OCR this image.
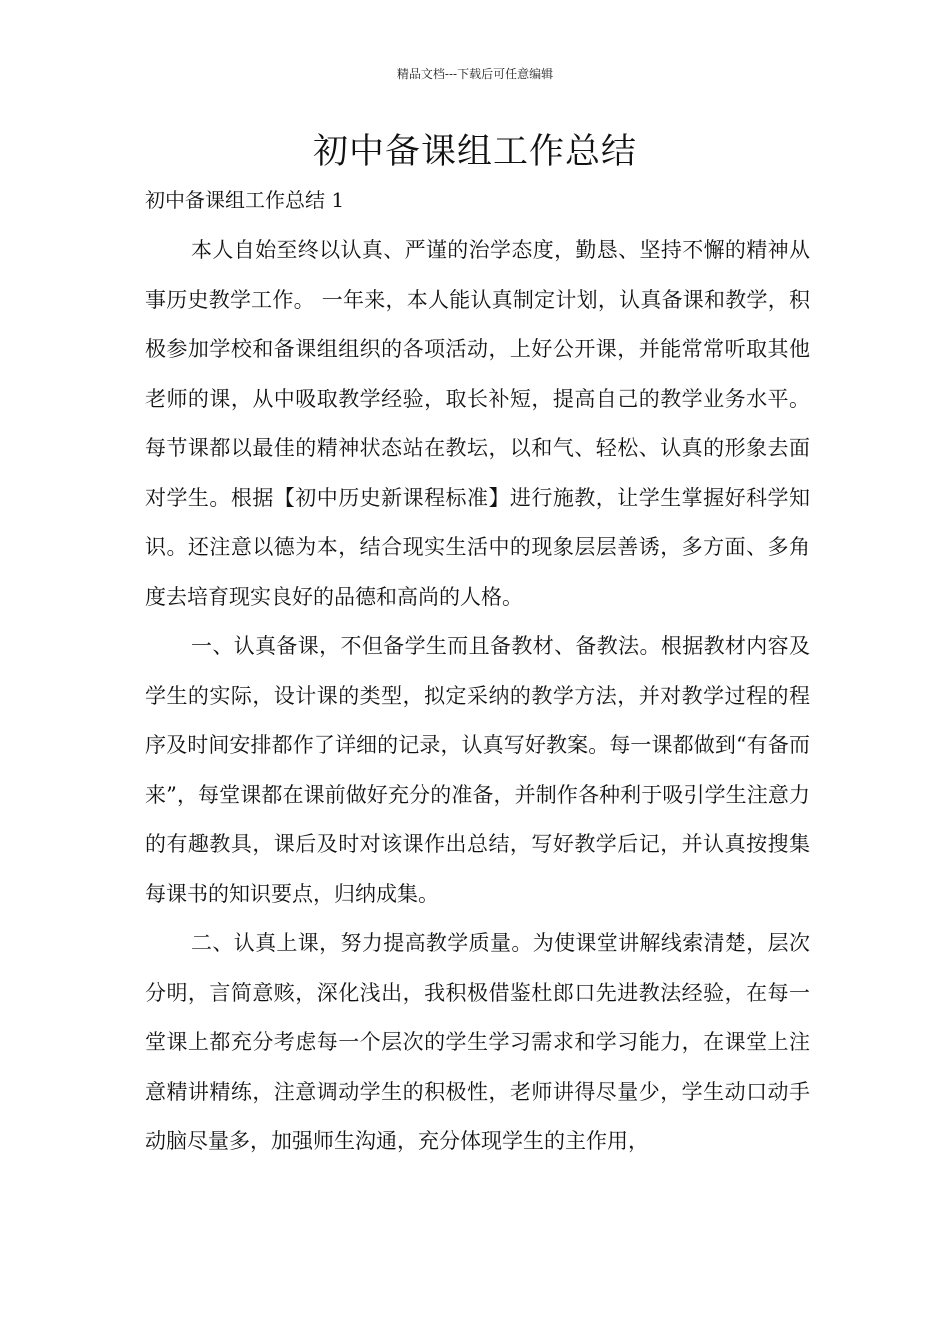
精品文档---下载后可任意编辑
初中备课组工作总结
初中备课组工作总结 1

本人自始至终以认真、严谨的治学态度，勤恳、坚持不懈的精神从事历史教学工作。 一年来，本人能认真制定计划，认真备课和教学，积极参加学校和备课组组织的各项活动，上好公开课，并能常常听取其他老师的课，从中吸取教学经验，取长补短，提高自己的教学业务水平。每节课都以最佳的精神状态站在教坛，以和气、轻松、认真的形象去面对学生。根据【初中历史新课程标准】进行施教，让学生掌握好科学知识。还注意以德为本，结合现实生活中的现象层层善诱，多方面、多角度去培育现实良好的品德和高尚的人格。

一、认真备课，不但备学生而且备教材、备教法。根据教材内容及学生的实际，设计课的类型，拟定采纳的教学方法，并对教学过程的程序及时间安排都作了详细的记录，认真写好教案。每一课都做到“有备而来”，每堂课都在课前做好充分的准备，并制作各种利于吸引学生注意力的有趣教具，课后及时对该课作出总结，写好教学后记，并认真按搜集每课书的知识要点，归纳成集。

二、认真上课，努力提高教学质量。为使课堂讲解线索清楚，层次分明，言简意赅，深化浅出，我积极借鉴杜郎口先进教法经验，在每一堂课上都充分考虑每一个层次的学生学习需求和学习能力，在课堂上注意精讲精练，注意调动学生的积极性，老师讲得尽量少，学生动口动手动脑尽量多，加强师生沟通，充分体现学生的主作用，
